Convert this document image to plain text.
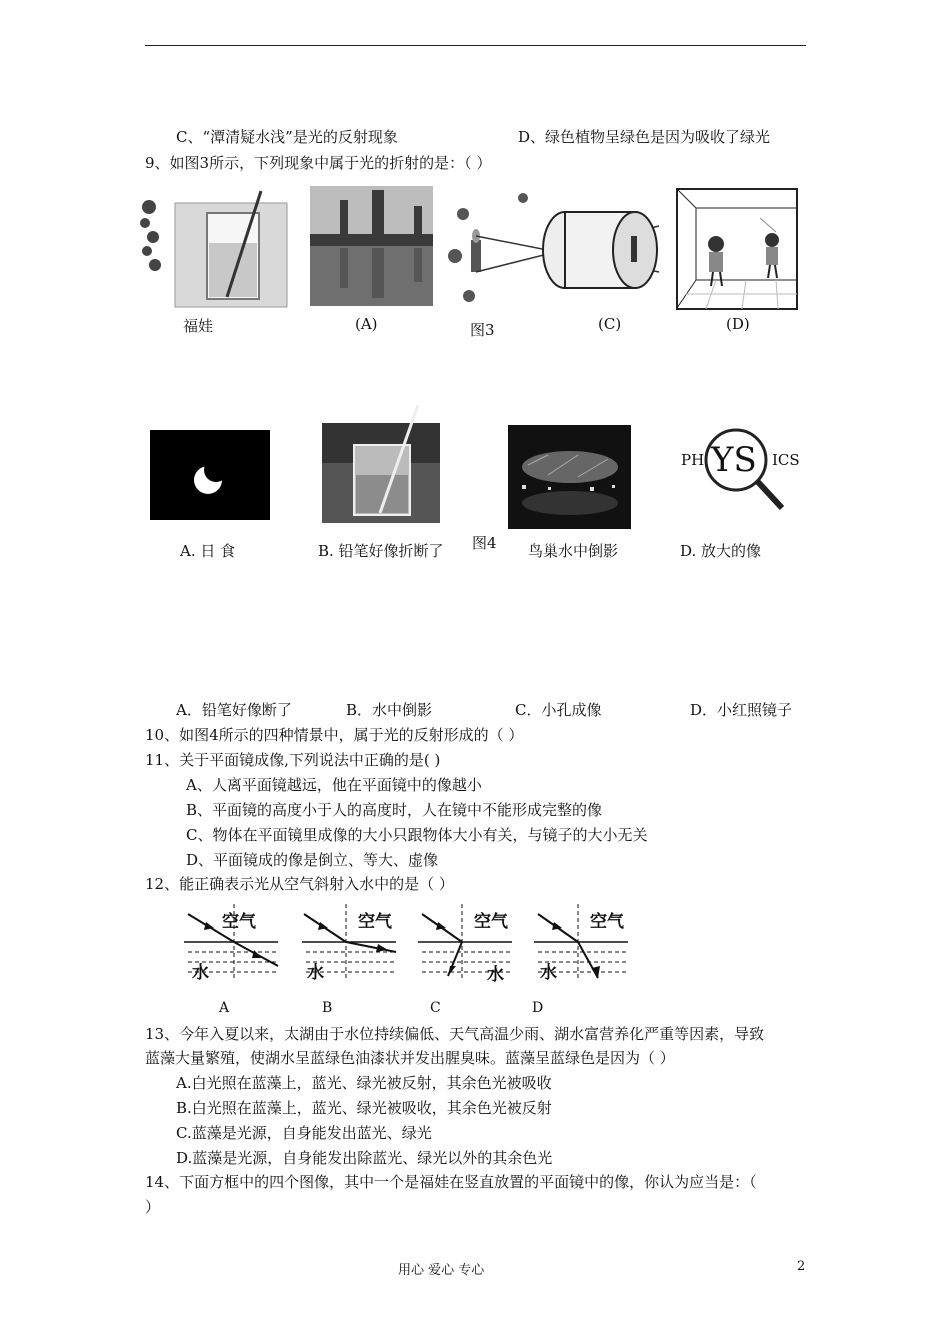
C、“潭清疑水浅”是光的反射现象	D、绿色植物呈绿色是因为吸收了绿光
9、如图3所示，下列现象中属于光的折射的是：（ ）
福娃	(A)	图3	(C)	(D)
A. 日 食	B. 铅笔好像折断了	鸟巢水中倒影
图4
PH YS ICS
D. 放大的像
A．铅笔好像断了	B．水中倒影	C．小孔成像	D．小红照镜子
10、如图4所示的四种情景中，属于光的反射形成的（ ）
11、关于平面镜成像,下列说法中正确的是( )
A、人离平面镜越远，他在平面镜中的像越小
B、平面镜的高度小于人的高度时，人在镜中不能形成完整的像
C、物体在平面镜里成像的大小只跟物体大小有关，与镜子的大小无关
D、平面镜成的像是倒立、等大、虚像
12、能正确表示光从空气斜射入水中的是（ ）
空气
水
空气
水
空气
水
空气
水
A	B	C	D
13、今年入夏以来，太湖由于水位持续偏低、天气高温少雨、湖水富营养化严重等因素，导致
蓝藻大量繁殖，使湖水呈蓝绿色油漆状并发出腥臭味。蓝藻呈蓝绿色是因为（ ）
A.白光照在蓝藻上，蓝光、绿光被反射，其余色光被吸收
B.白光照在蓝藻上，蓝光、绿光被吸收，其余色光被反射
C.蓝藻是光源，自身能发出蓝光、绿光
D.蓝藻是光源，自身能发出除蓝光、绿光以外的其余色光
14、下面方框中的四个图像，其中一个是福娃在竖直放置的平面镜中的像，你认为应当是：（
）
用心 爱心 专心	2
